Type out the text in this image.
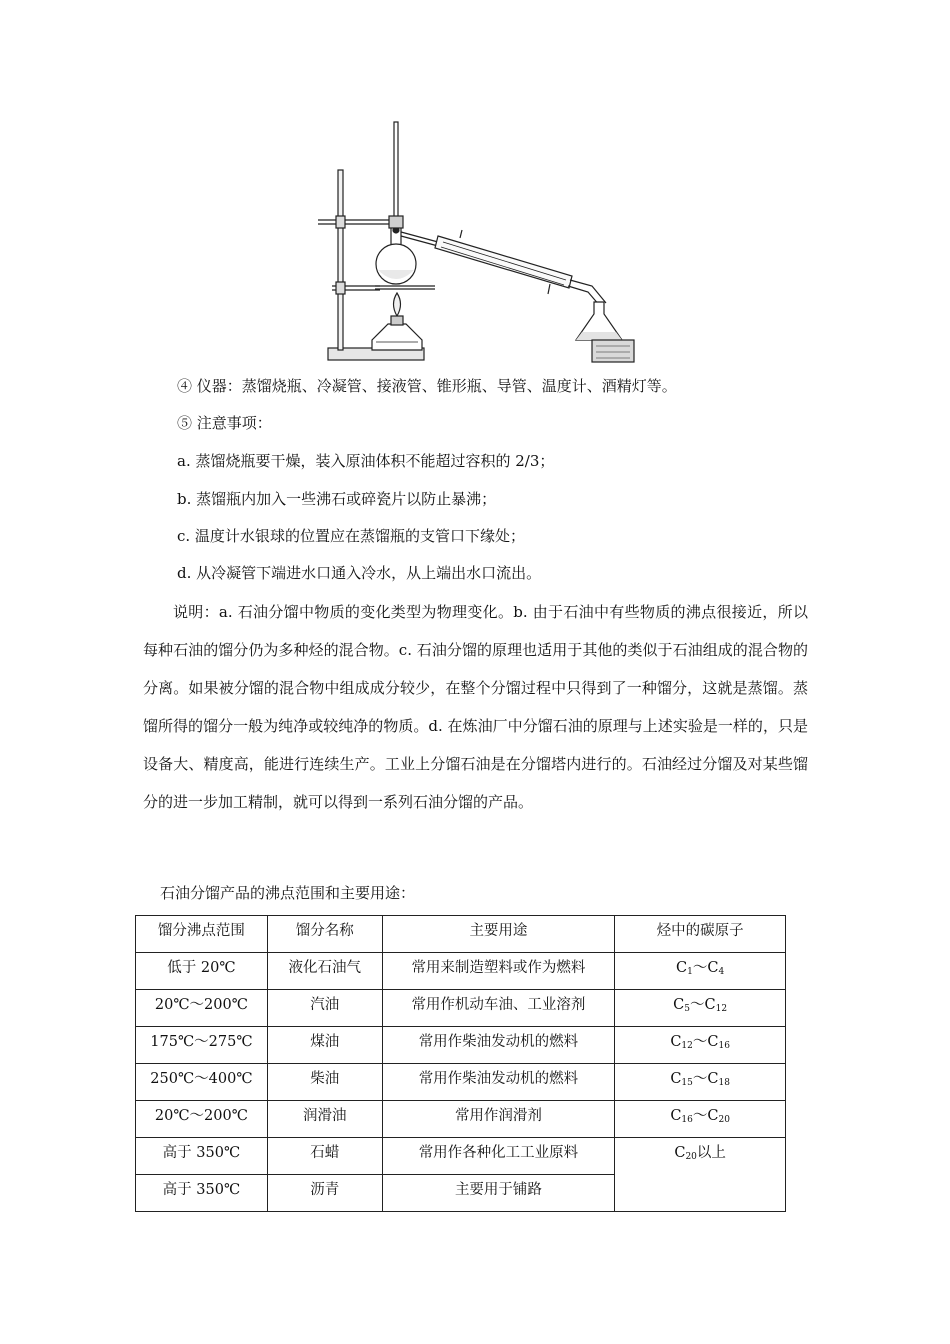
④ 仪器：蒸馏烧瓶、冷凝管、接液管、锥形瓶、导管、温度计、酒精灯等。
⑤ 注意事项：
a. 蒸馏烧瓶要干燥，装入原油体积不能超过容积的 2/3；
b. 蒸馏瓶内加入一些沸石或碎瓷片以防止暴沸；
c. 温度计水银球的位置应在蒸馏瓶的支管口下缘处；
d. 从冷凝管下端进水口通入冷水，从上端出水口流出。
说明：a. 石油分馏中物质的变化类型为物理变化。b. 由于石油中有些物质的沸点很接近，所以每种石油的馏分仍为多种烃的混合物。c. 石油分馏的原理也适用于其他的类似于石油组成的混合物的分离。如果被分馏的混合物中组成成分较少，在整个分馏过程中只得到了一种馏分，这就是蒸馏。蒸馏所得的馏分一般为纯净或较纯净的物质。d. 在炼油厂中分馏石油的原理与上述实验是一样的，只是设备大、精度高，能进行连续生产。工业上分馏石油是在分馏塔内进行的。石油经过分馏及对某些馏分的进一步加工精制，就可以得到一系列石油分馏的产品。
石油分馏产品的沸点范围和主要用途：
馏分沸点范围	馏分名称	主要用途	烃中的碳原子
低于 20℃	液化石油气	常用来制造塑料或作为燃料	$C_1\sim C_4$
20℃～200℃	汽油	常用作机动车油、工业溶剂	$C_5\sim C_{12}$
175℃～275℃	煤油	常用作柴油发动机的燃料	$C_{12}\sim C_{16}$
250℃～400℃	柴油	常用作柴油发动机的燃料	$C_{15}\sim C_{18}$
20℃～200℃	润滑油	常用作润滑剂	$C_{16}\sim C_{20}$
高于 350℃	石蜡	常用作各种化工工业原料	$C_{20}$以上
高于 350℃	沥青	主要用于铺路	
